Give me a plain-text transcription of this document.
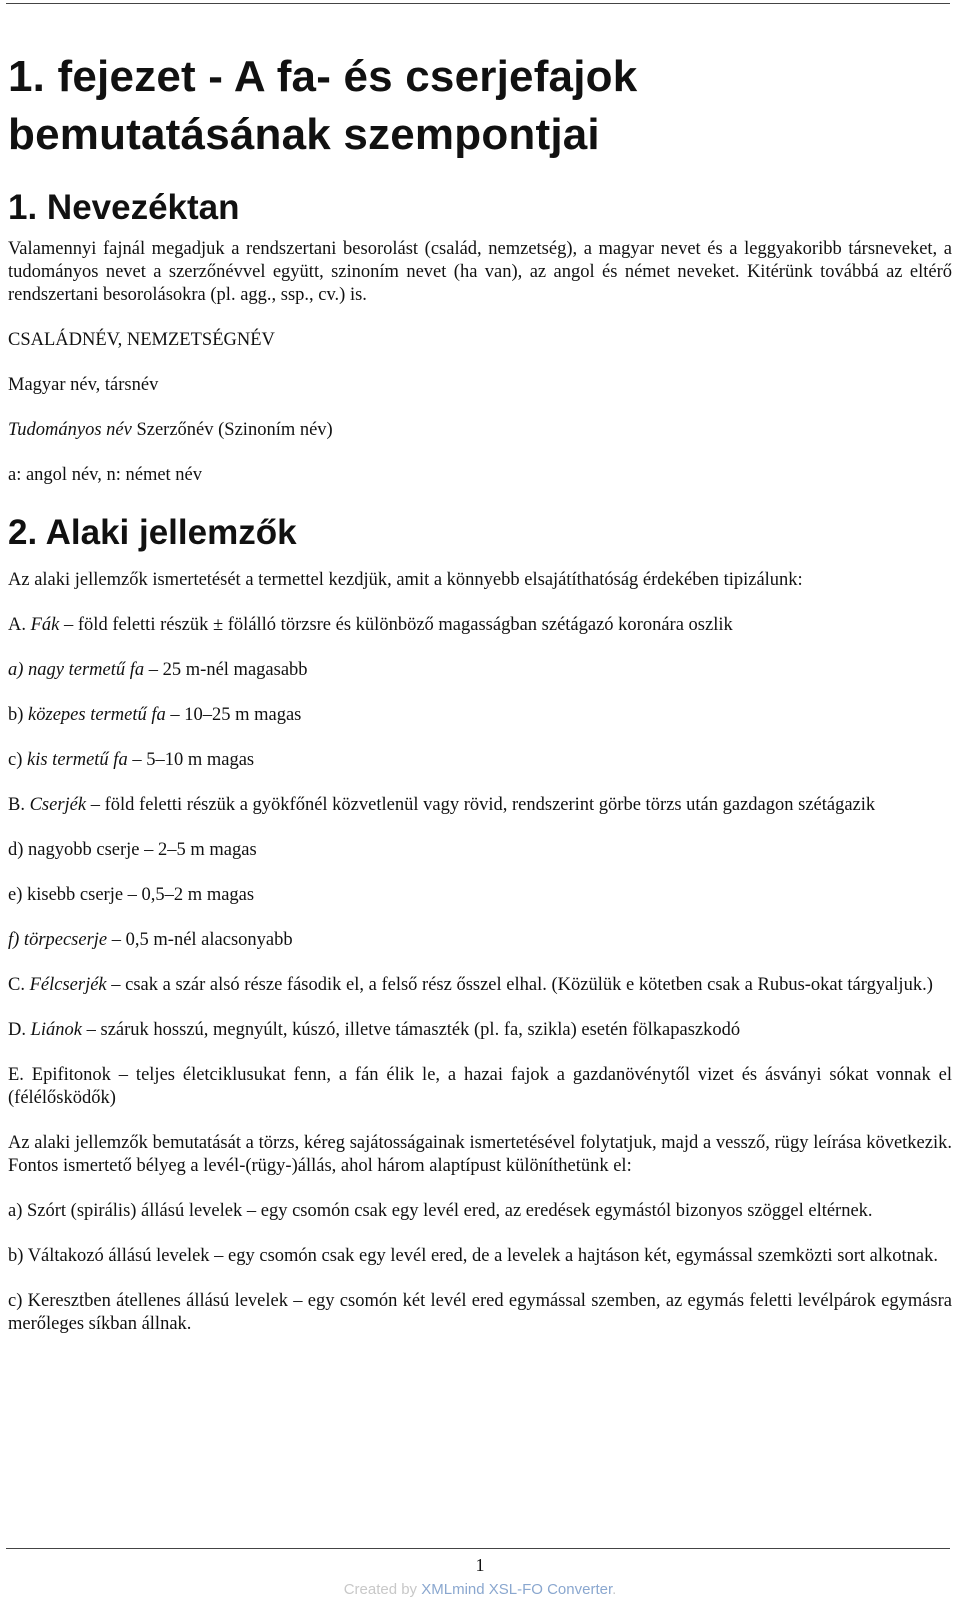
1. fejezet - A fa- és cserjefajok bemutatásának szempontjai
1. Nevezéktan

Valamennyi fajnál megadjuk a rendszertani besorolást (család, nemzetség), a magyar nevet és a leggyakoribb társneveket, a tudományos nevet a szerzőnévvel együtt, szinoním nevet (ha van), az angol és német neveket. Kitérünk továbbá az eltérő rendszertani besorolásokra (pl. agg., ssp., cv.) is.

CSALÁDNÉV, NEMZETSÉGNÉV

Magyar név, társnév

Tudományos név Szerzőnév (Szinoním név)

a: angol név, n: német név

2. Alaki jellemzők

Az alaki jellemzők ismertetését a termettel kezdjük, amit a könnyebb elsajátíthatóság érdekében tipizálunk:

A. Fák – föld feletti részük ± fölálló törzsre és különböző magasságban szétágazó koronára oszlik

a) nagy termetű fa – 25 m-nél magasabb

b) közepes termetű fa – 10–25 m magas

c) kis termetű fa – 5–10 m magas

B. Cserjék – föld feletti részük a gyökfőnél közvetlenül vagy rövid, rendszerint görbe törzs után gazdagon szétágazik

d) nagyobb cserje – 2–5 m magas

e) kisebb cserje – 0,5–2 m magas

f) törpecserje – 0,5 m-nél alacsonyabb

C. Félcserjék – csak a szár alsó része fásodik el, a felső rész ősszel elhal. (Közülük e kötetben csak a Rubus-okat tárgyaljuk.)

D. Liánok – száruk hosszú, megnyúlt, kúszó, illetve támaszték (pl. fa, szikla) esetén fölkapaszkodó

E. Epifitonok – teljes életciklusukat fenn, a fán élik le, a hazai fajok a gazdanövénytől vizet és ásványi sókat vonnak el (félélősködők)

Az alaki jellemzők bemutatását a törzs, kéreg sajátosságainak ismertetésével folytatjuk, majd a vessző, rügy leírása következik. Fontos ismertető bélyeg a levél-(rügy-)állás, ahol három alaptípust különíthetünk el:

a) Szórt (spirális) állású levelek – egy csomón csak egy levél ered, az eredések egymástól bizonyos szöggel eltérnek.

b) Váltakozó állású levelek – egy csomón csak egy levél ered, de a levelek a hajtáson két, egymással szemközti sort alkotnak.

c) Keresztben átellenes állású levelek – egy csomón két levél ered egymással szemben, az egymás feletti levélpárok egymásra merőleges síkban állnak.

1
Created by XMLmind XSL-FO Converter.
